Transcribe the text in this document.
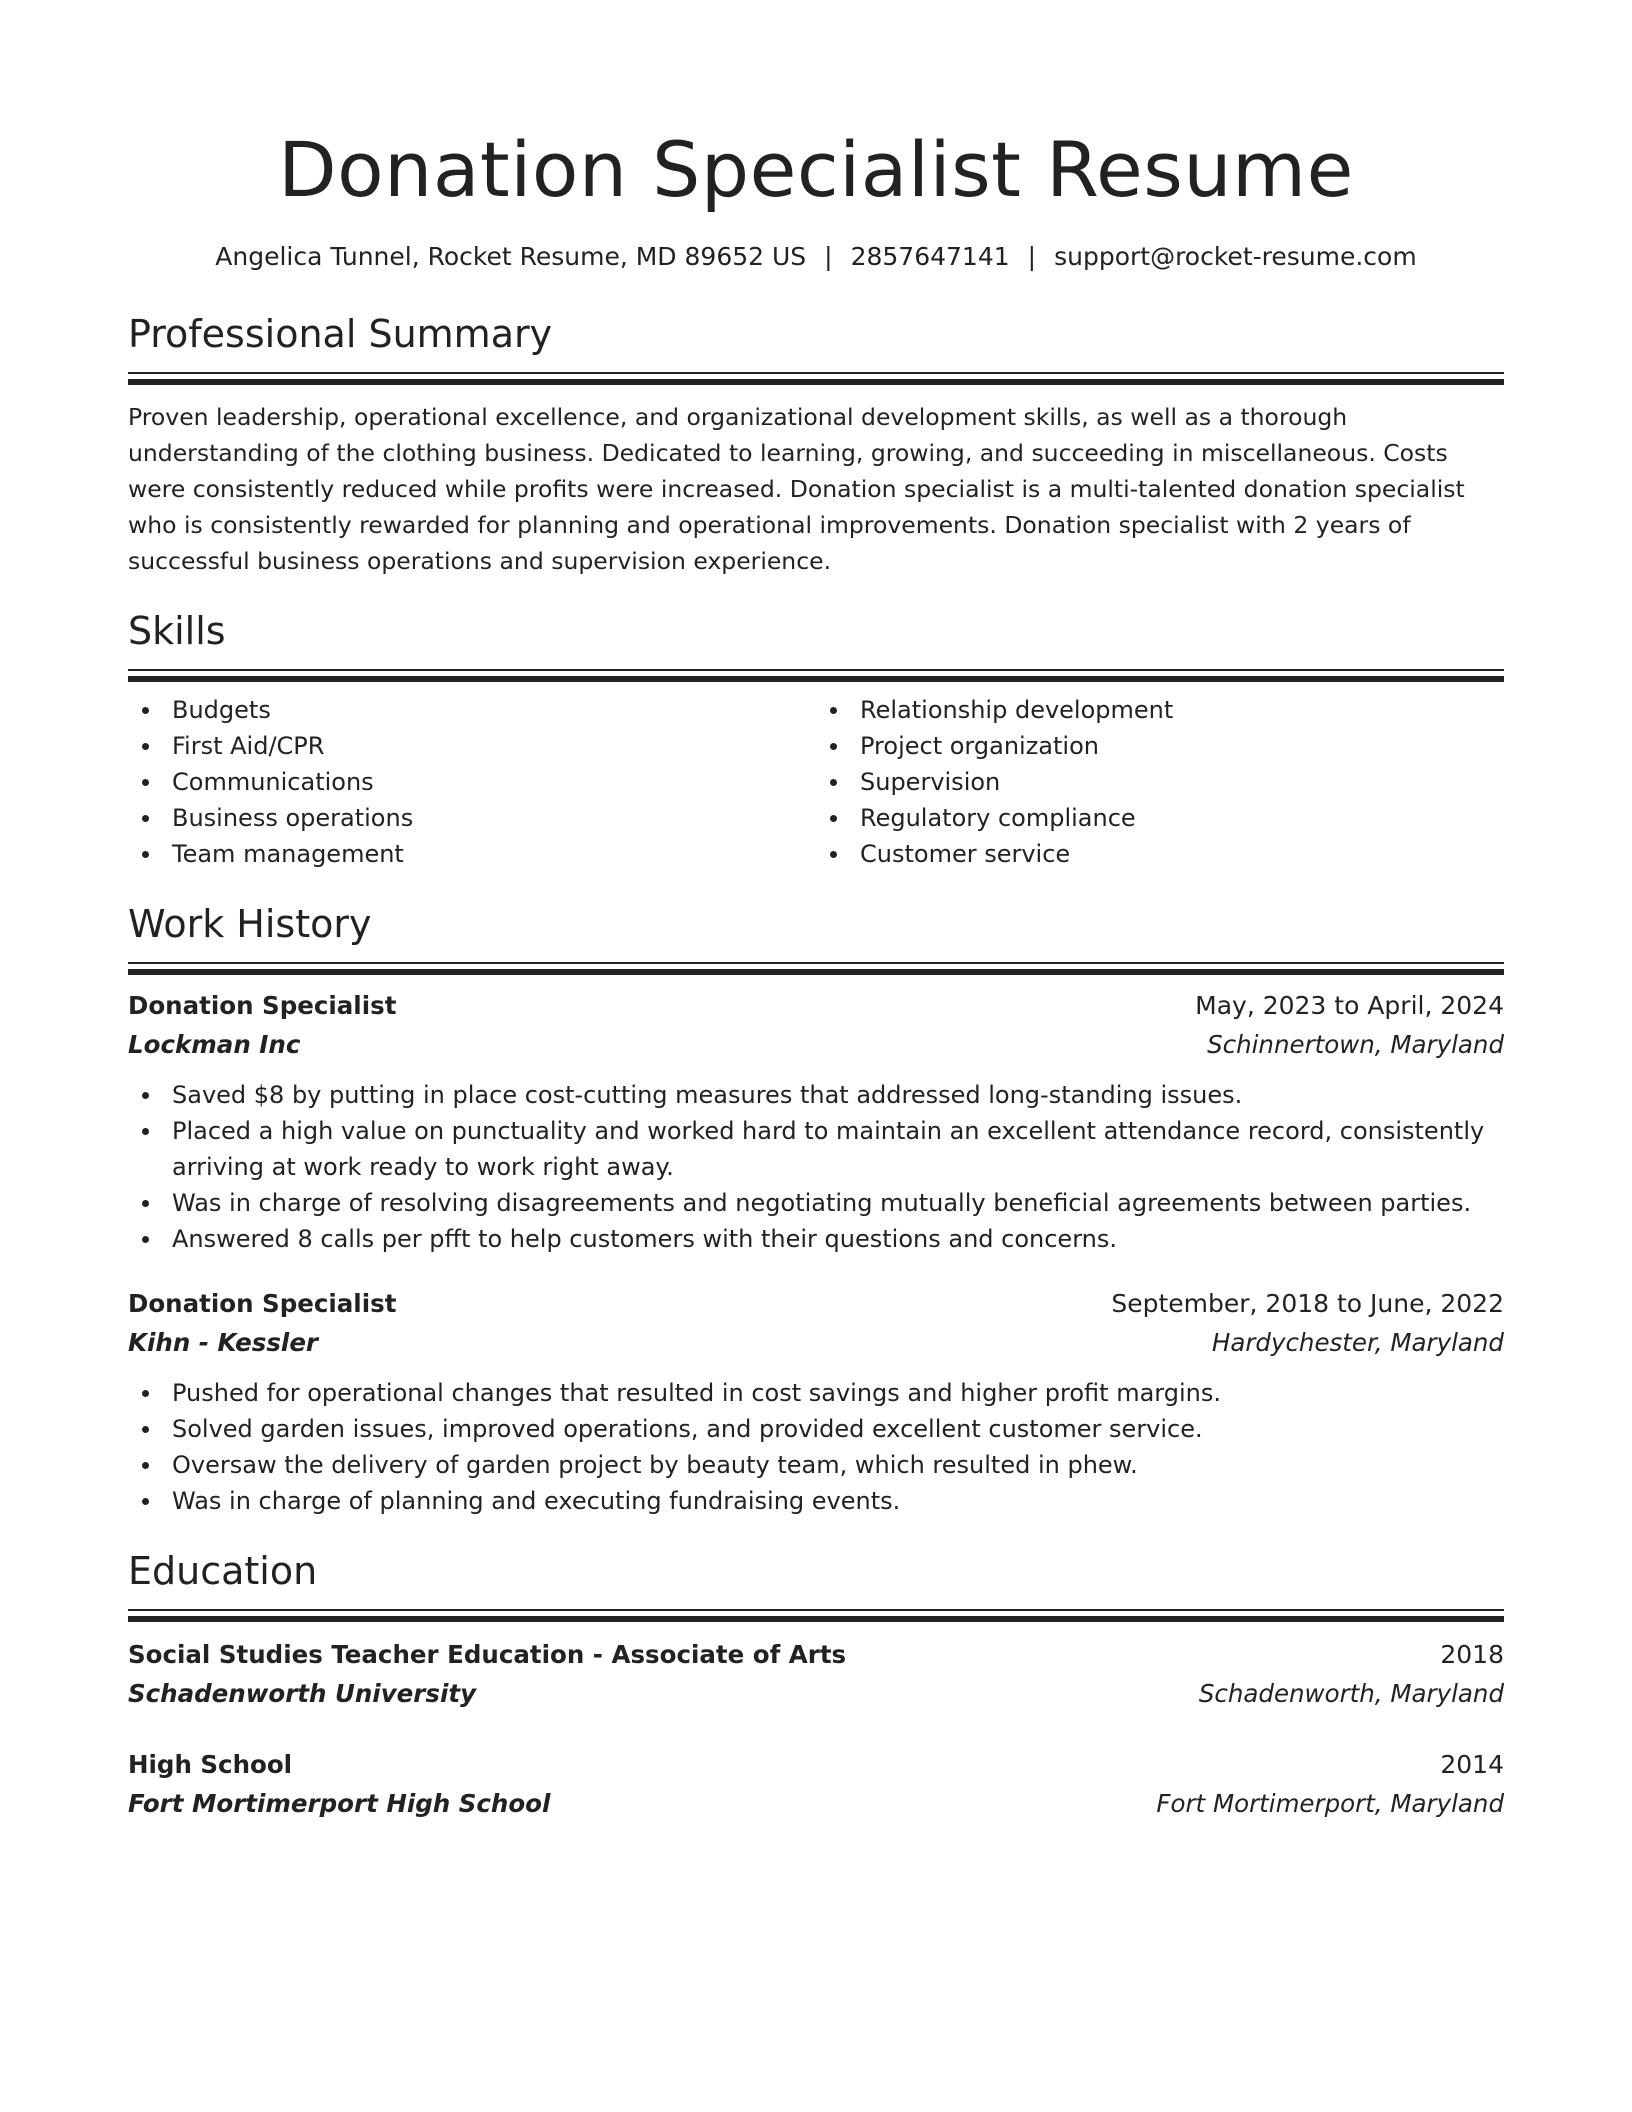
Donation Specialist Resume
Angelica Tunnel, Rocket Resume, MD 89652 US | 2857647141 | support@rocket-resume.com
Professional Summary

Proven leadership, operational excellence, and organizational development skills, as well as a thorough understanding of the clothing business. Dedicated to learning, growing, and succeeding in miscellaneous. Costs were consistently reduced while profits were increased. Donation specialist is a multi-talented donation specialist who is consistently rewarded for planning and operational improvements. Donation specialist with 2 years of successful business operations and supervision experience.

Skills
Budgets
First Aid/CPR
Communications
Business operations
Team management
Relationship development
Project organization
Supervision
Regulatory compliance
Customer service
Work History
Donation Specialist	May, 2023 to April, 2024
Lockman Inc	Schinnertown, Maryland
Saved $8 by putting in place cost-cutting measures that addressed long-standing issues.
Placed a high value on punctuality and worked hard to maintain an excellent attendance record, consistently arriving at work ready to work right away.
Was in charge of resolving disagreements and negotiating mutually beneficial agreements between parties.
Answered 8 calls per pfft to help customers with their questions and concerns.
Donation Specialist	September, 2018 to June, 2022
Kihn - Kessler	Hardychester, Maryland
Pushed for operational changes that resulted in cost savings and higher profit margins.
Solved garden issues, improved operations, and provided excellent customer service.
Oversaw the delivery of garden project by beauty team, which resulted in phew.
Was in charge of planning and executing fundraising events.
Education
Social Studies Teacher Education - Associate of Arts	2018
Schadenworth University	Schadenworth, Maryland
High School	2014
Fort Mortimerport High School	Fort Mortimerport, Maryland
